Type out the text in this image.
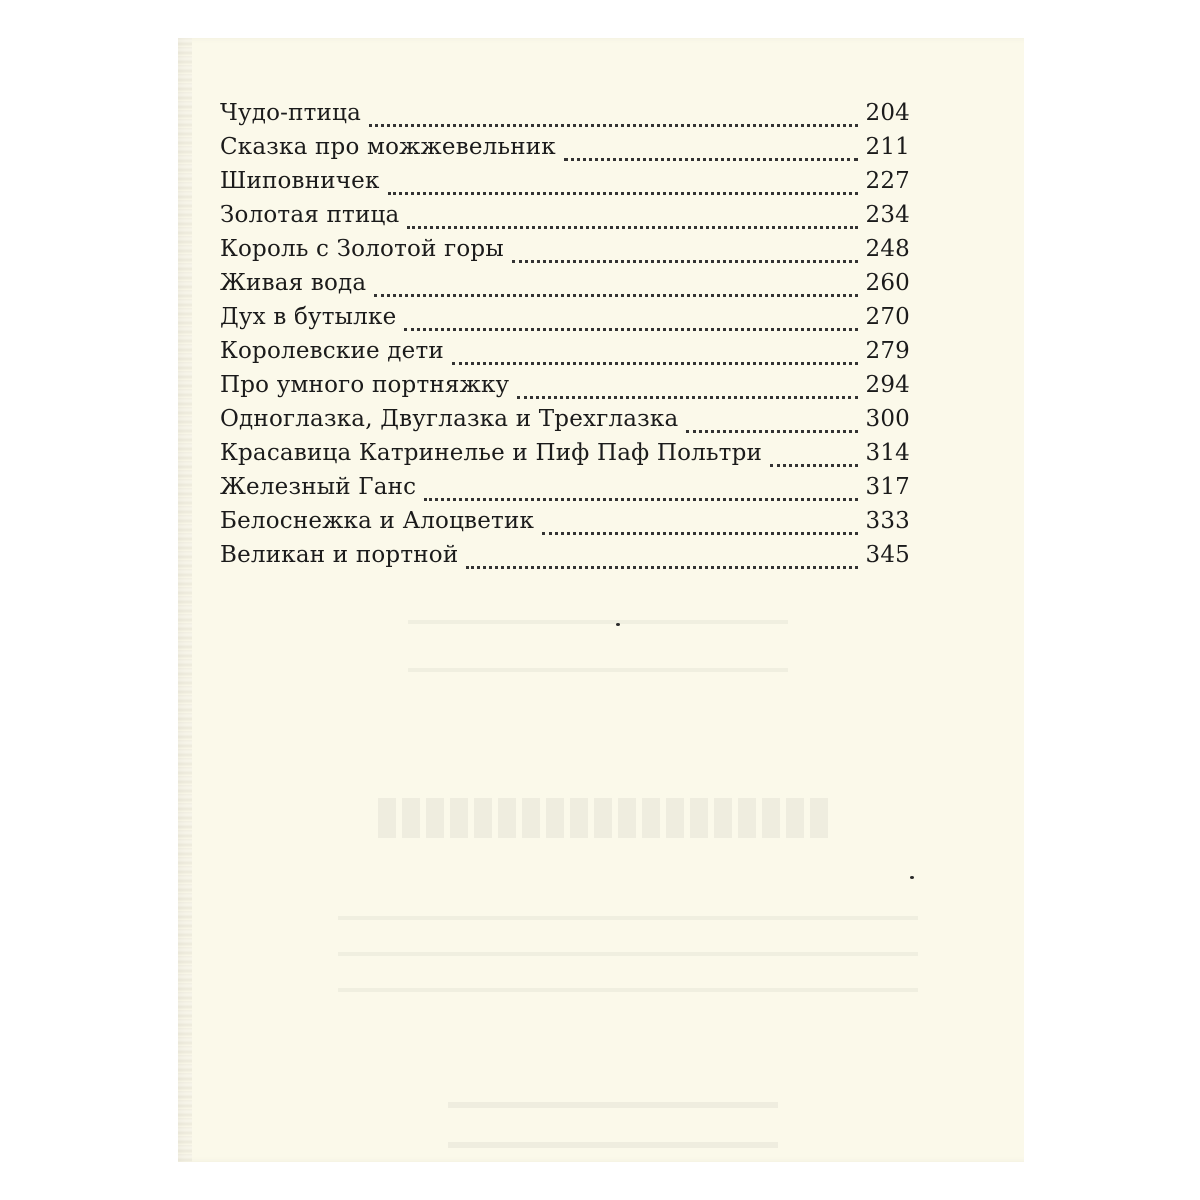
Чудо-птица	204
Сказка про можжевельник	211
Шиповничек	227
Золотая птица	234
Король с Золотой горы	248
Живая вода	260
Дух в бутылке	270
Королевские дети	279
Про умного портняжку	294
Одноглазка, Двуглазка и Трехглазка	300
Красавица Катринелье и Пиф Паф Польтри	314
Железный Ганс	317
Белоснежка и Алоцветик	333
Великан и портной	345
